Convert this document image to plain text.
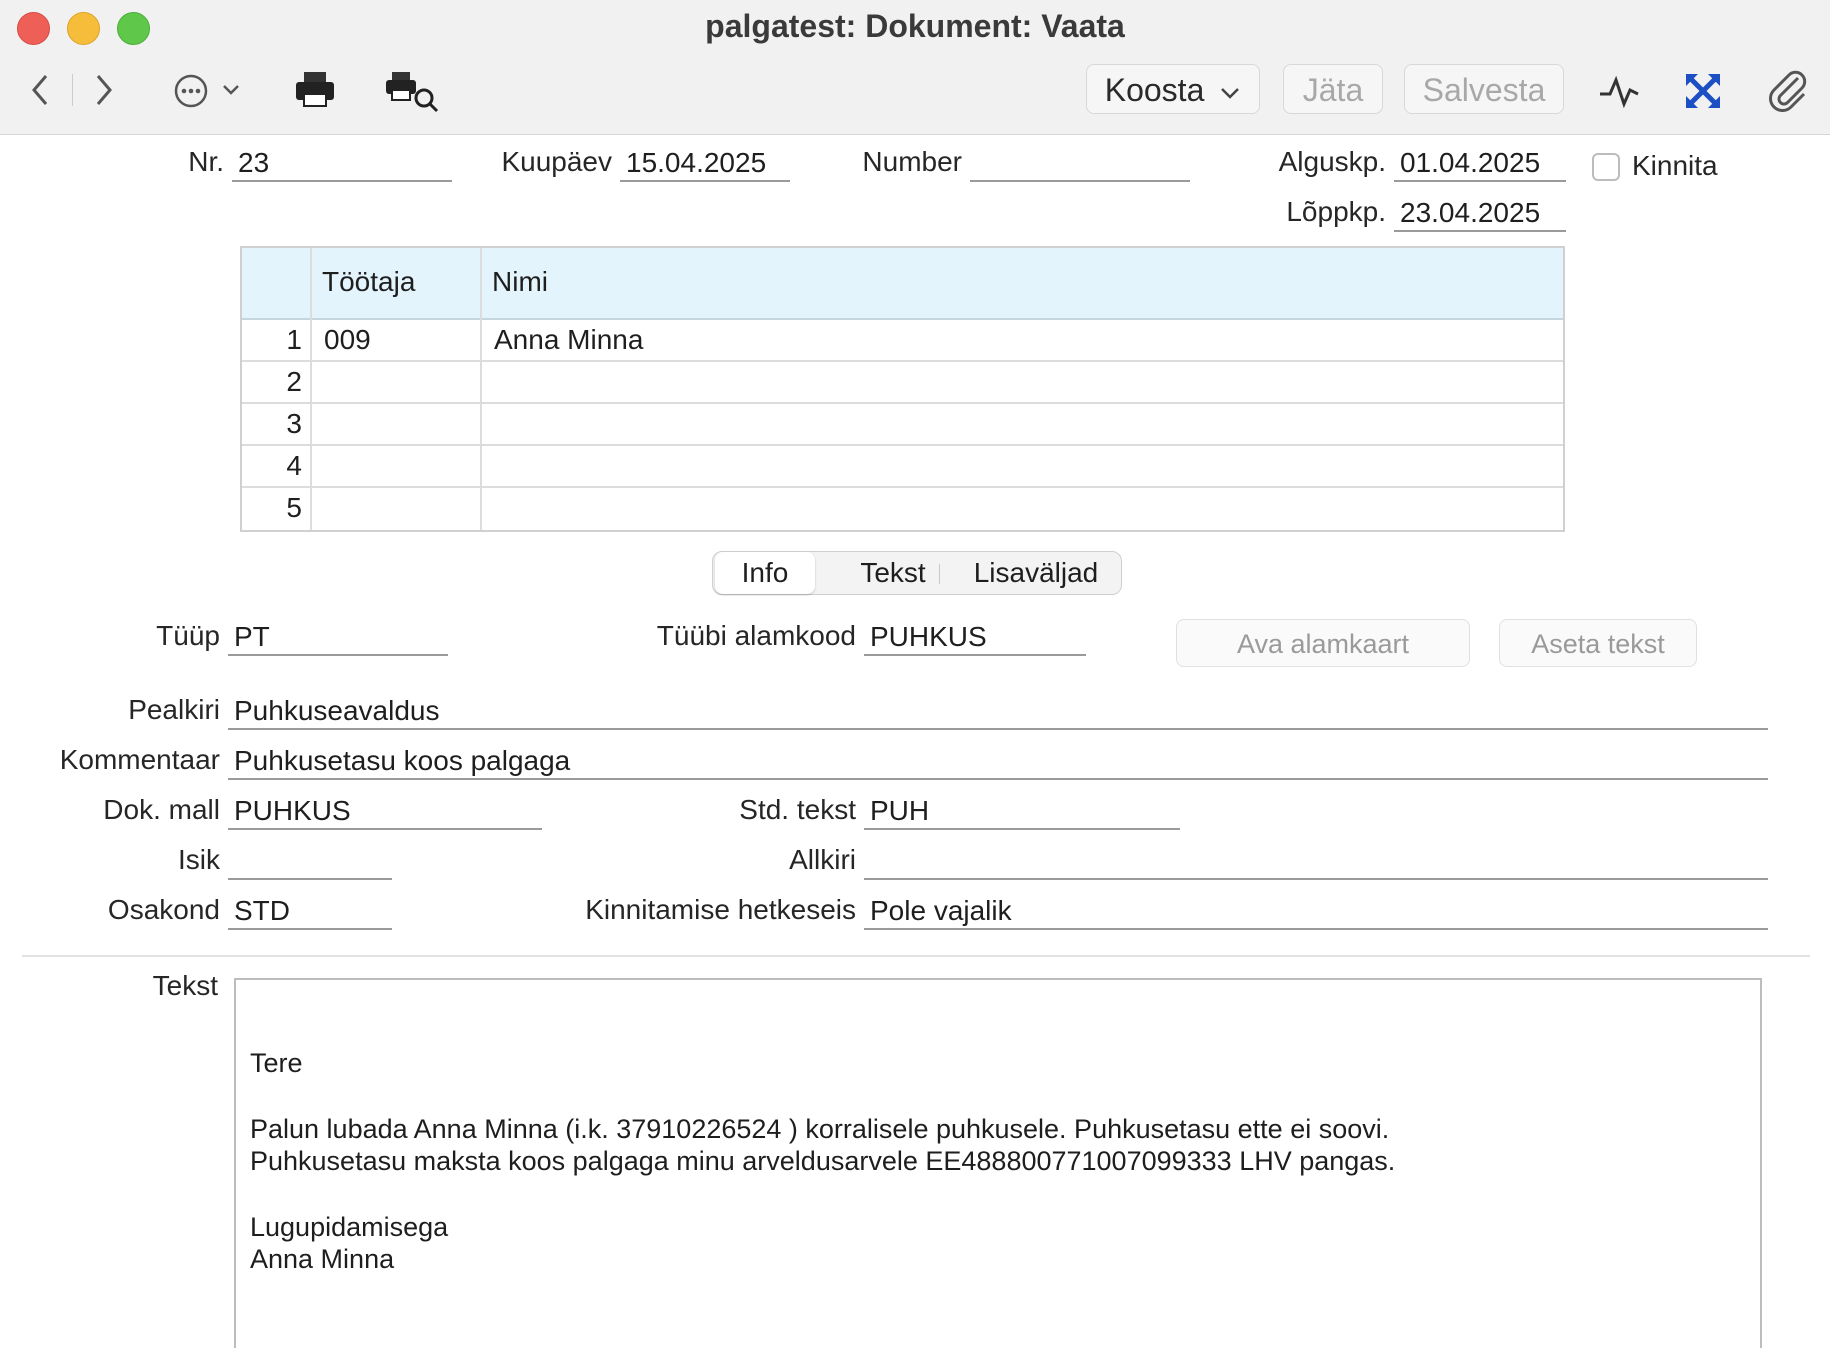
palgatest: Dokument: Vaata
Koosta	Jäta	Salvesta
Nr. 23	Kuupäev 15.04.2025	Number	Alguskp. 01.04.2025	Kinnita
Lõppkp. 23.04.2025
Töötaja	Nimi
1 009	Anna Minna
2
3
4
5
Info	Tekst	Lisaväljad
Tüüp PT	Tüübi alamkood PUHKUS	Ava alamkaart	Aseta tekst
Pealkiri Puhkuseavaldus
Kommentaar Puhkusetasu koos palgaga
Dok. mall PUHKUS	Std. tekst PUH
Isik	Allkiri
Osakond STD	Kinnitamise hetkeseis Pole vajalik
Tekst
Tere
Palun lubada Anna Minna (i.k. 37910226524 ) korralisele puhkusele. Puhkusetasu ette ei soovi.
Puhkusetasu maksta koos palgaga minu arveldusarvele EE488800771007099333 LHV pangas.
Lugupidamisega
Anna Minna
